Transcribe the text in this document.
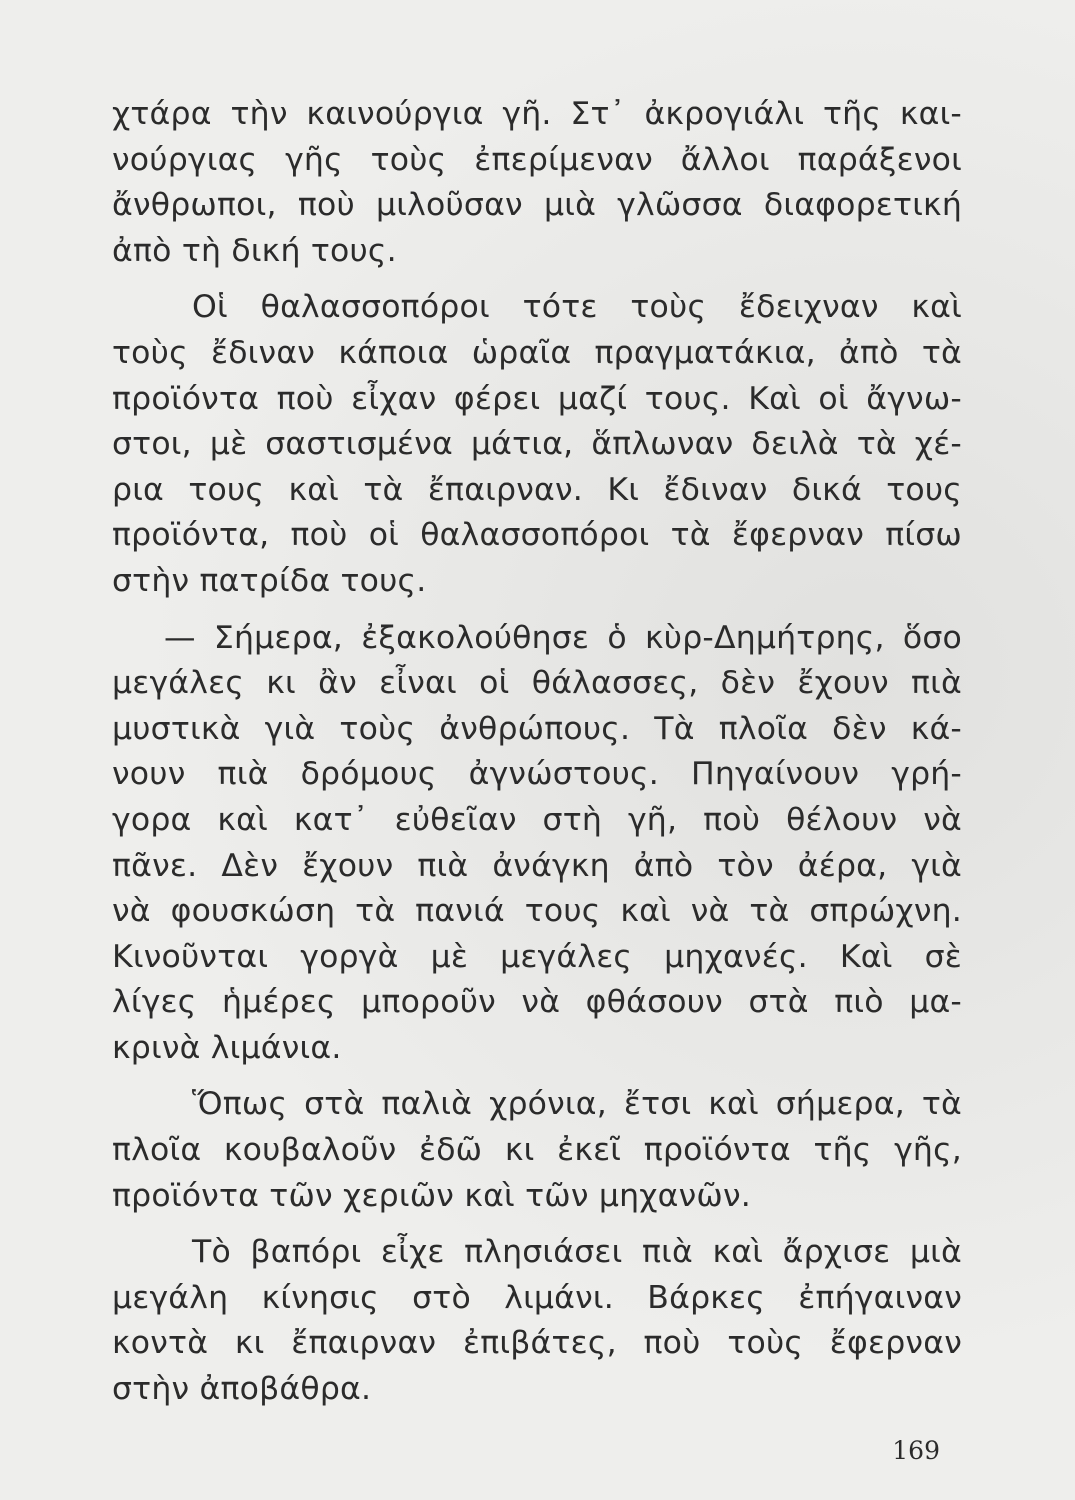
χτάρα τὴν καινούργια γῆ. Στ᾿ ἀκρογιάλι τῆς και-
νούργιας γῆς τοὺς ἐπερίμεναν ἄλλοι παράξενοι
ἄνθρωποι, ποὺ μιλοῦσαν μιὰ γλῶσσα διαφορετική
ἀπὸ τὴ δική τους.
Οἱ θαλασσοπόροι τότε τοὺς ἔδειχναν καὶ
τοὺς ἔδιναν κάποια ὡραῖα πραγματάκια, ἀπὸ τὰ
προϊόντα ποὺ εἶχαν φέρει μαζί τους. Καὶ οἱ ἄγνω-
στοι, μὲ σαστισμένα μάτια, ἅπλωναν δειλὰ τὰ χέ-
ρια τους καὶ τὰ ἔπαιρναν. Κι ἔδιναν δικά τους
προϊόντα, ποὺ οἱ θαλασσοπόροι τὰ ἔφερναν πίσω
στὴν πατρίδα τους.
— Σήμερα, ἐξακολούθησε ὁ κὺρ-Δημήτρης, ὅσο
μεγάλες κι ἂν εἶναι οἱ θάλασσες, δὲν ἔχουν πιὰ
μυστικὰ γιὰ τοὺς ἀνθρώπους. Τὰ πλοῖα δὲν κά-
νουν πιὰ δρόμους ἀγνώστους. Πηγαίνουν γρή-
γορα καὶ κατ᾿ εὐθεῖαν στὴ γῆ, ποὺ θέλουν νὰ
πᾶνε. Δὲν ἔχουν πιὰ ἀνάγκη ἀπὸ τὸν ἀέρα, γιὰ
νὰ φουσκώση τὰ πανιά τους καὶ νὰ τὰ σπρώχνη.
Κινοῦνται γοργὰ μὲ μεγάλες μηχανές. Καὶ σὲ
λίγες ἡμέρες μποροῦν νὰ φθάσουν στὰ πιὸ μα-
κρινὰ λιμάνια.
Ὅπως στὰ παλιὰ χρόνια, ἔτσι καὶ σήμερα, τὰ
πλοῖα κουβαλοῦν ἐδῶ κι ἐκεῖ προϊόντα τῆς γῆς,
προϊόντα τῶν χεριῶν καὶ τῶν μηχανῶν.
Τὸ βαπόρι εἶχε πλησιάσει πιὰ καὶ ἄρχισε μιὰ
μεγάλη κίνησις στὸ λιμάνι. Βάρκες ἐπήγαιναν
κοντὰ κι ἔπαιρναν ἐπιβάτες, ποὺ τοὺς ἔφερναν
στὴν ἀποβάθρα.
169
